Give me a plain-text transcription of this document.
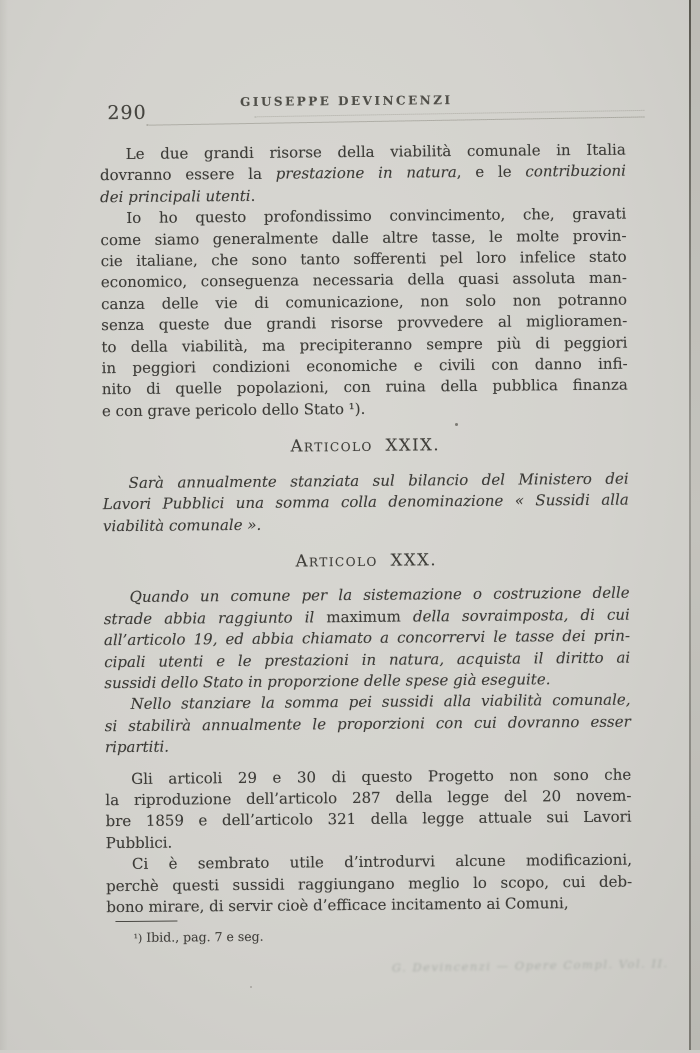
290
GIUSEPPE DEVINCENZI
Le due grandi risorse della viabilità comunale in Italia
dovranno essere la prestazione in natura, e le contribuzioni
dei principali utenti.
Io ho questo profondissimo convincimento, che, gravati
come siamo generalmente dalle altre tasse, le molte provin-
cie italiane, che sono tanto sofferenti pel loro infelice stato
economico, conseguenza necessaria della quasi assoluta man-
canza delle vie di comunicazione, non solo non potranno
senza queste due grandi risorse provvedere al miglioramen-
to della viabilità, ma precipiteranno sempre più di peggiori
in peggiori condizioni economiche e civili con danno infi-
nito di quelle popolazioni, con ruina della pubblica finanza
e con grave pericolo dello Stato ¹).
Articolo XXIX.
Sarà annualmente stanziata sul bilancio del Ministero dei
Lavori Pubblici una somma colla denominazione « Sussidi alla
viabilità comunale ».
Articolo XXX.
Quando un comune per la sistemazione o costruzione delle
strade abbia raggiunto il maximum della sovraimposta, di cui
all’articolo 19, ed abbia chiamato a concorrervi le tasse dei prin-
cipali utenti e le prestazioni in natura, acquista il diritto ai
sussidi dello Stato in proporzione delle spese già eseguite.
Nello stanziare la somma pei sussidi alla viabilità comunale,
si stabilirà annualmente le proporzioni con cui dovranno esser
ripartiti.
Gli articoli 29 e 30 di questo Progetto non sono che
la riproduzione dell’articolo 287 della legge del 20 novem-
bre 1859 e dell’articolo 321 della legge attuale sui Lavori
Pubblici.
Ci è sembrato utile d’introdurvi alcune modificazioni,
perchè questi sussidi raggiungano meglio lo scopo, cui deb-
bono mirare, di servir cioè d’efficace incitamento ai Comuni,
¹) Ibid., pag. 7 e seg.
G. Devincenzi — Opere Compl. Vol. II.
